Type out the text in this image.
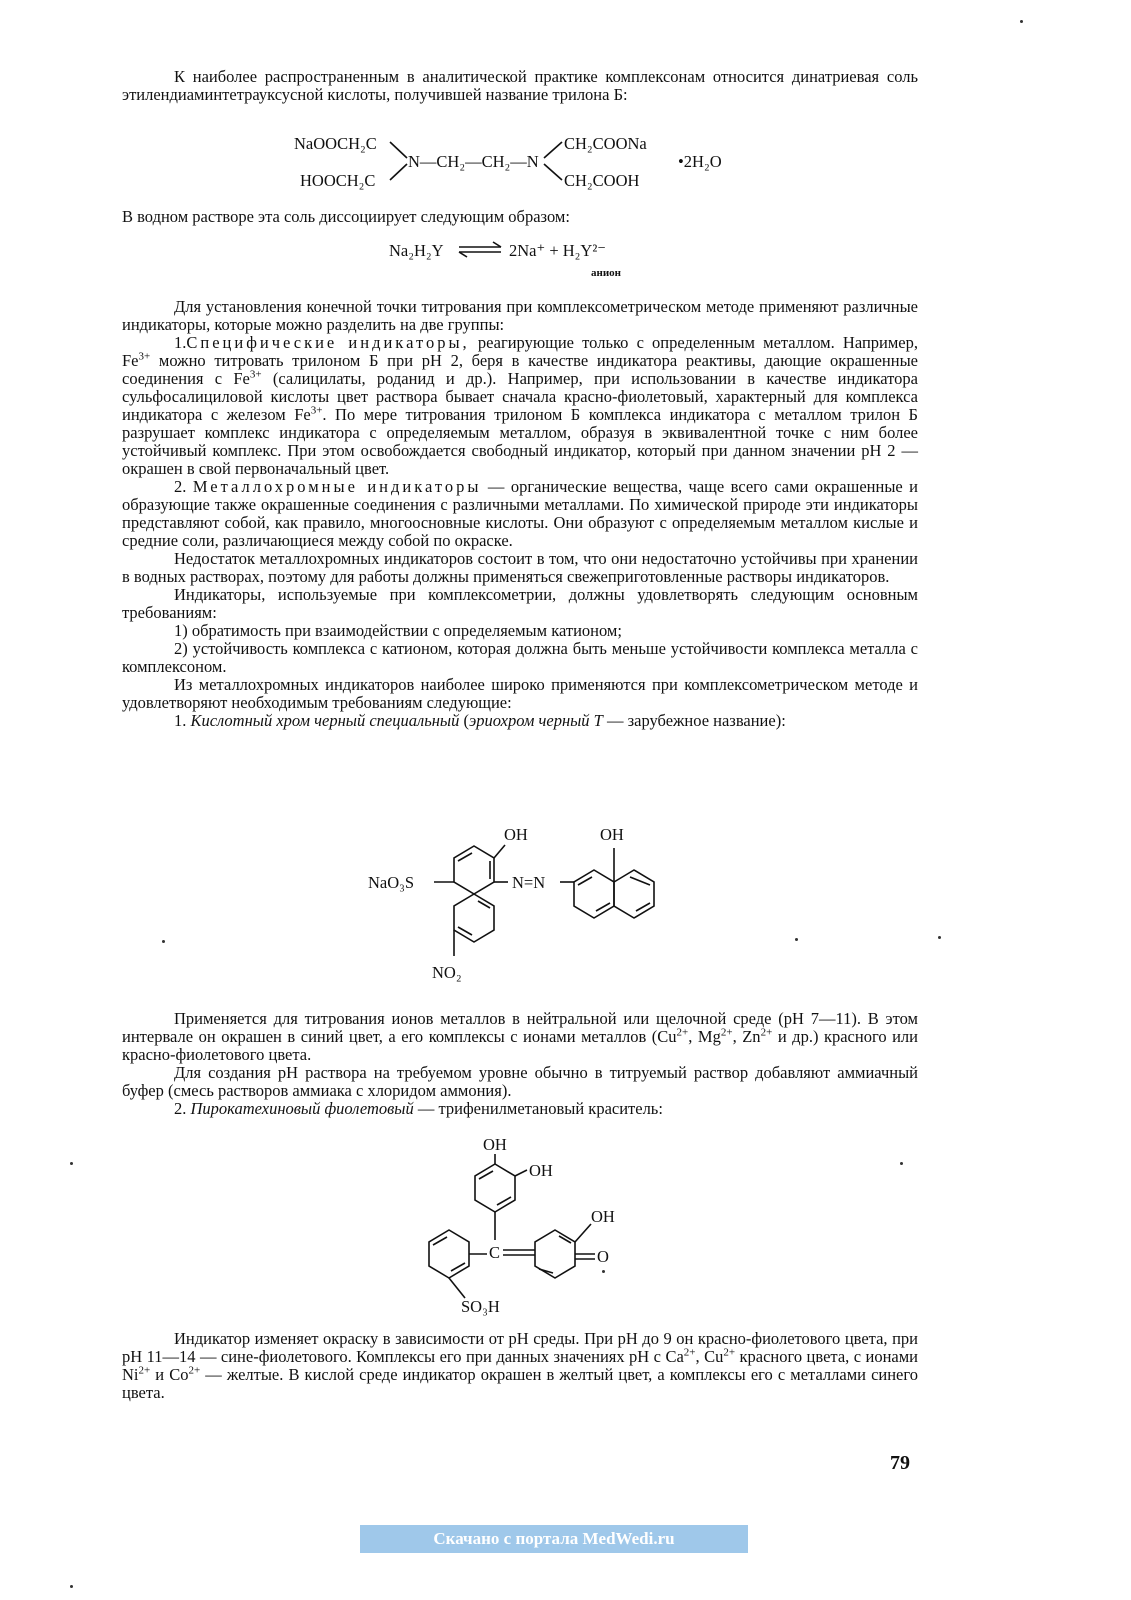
К наиболее распространенным в аналитической практике комплексонам относится динатриевая соль этилендиаминтетрауксусной кислоты, получившей название трилона Б:

NaOOCH₂C
HOOCH₂C
N—CH₂—CH₂—N
CH₂COONa
CH₂COOH
•2H₂O

В водном растворе эта соль диссоциирует следующим образом:

Na₂H₂Y	2Na⁺ + H₂Y²⁻
анион

Для установления конечной точки титрования при комплексометрическом методе применяют различные индикаторы, которые можно разделить на две группы:

1.Специфические индикаторы, реагирующие только с определенным металлом. Например, $Fe^{3+}$ можно титровать трилоном Б при pH 2, беря в качестве индикатора реактивы, дающие окрашенные соединения с $Fe^{3+}$ (салицилаты, роданид и др.). Например, при использовании в качестве индикатора сульфосалициловой кислоты цвет раствора бывает сначала красно-фиолетовый, характерный для комплекса индикатора с железом $Fe^{3+}$. По мере титрования трилоном Б комплекса индикатора с металлом трилон Б разрушает комплекс индикатора с определяемым металлом, образуя в эквивалентной точке с ним более устойчивый комплекс. При этом освобождается свободный индикатор, который при данном значении pH 2 — окрашен в свой первоначальный цвет.

2. Металлохромные индикаторы — органические вещества, чаще всего сами окрашенные и образующие также окрашенные соединения с различными металлами. По химической природе эти индикаторы представляют собой, как правило, многоосновные кислоты. Они образуют с определяемым металлом кислые и средние соли, различающиеся между собой по окраске.

Недостаток металлохромных индикаторов состоит в том, что они недостаточно устойчивы при хранении в водных растворах, поэтому для работы должны применяться свежеприготовленные растворы индикаторов.

Индикаторы, используемые при комплексометрии, должны удовлетворять следующим основным требованиям:

1) обратимость при взаимодействии с определяемым катионом;

2) устойчивость комплекса с катионом, которая должна быть меньше устойчивости комплекса металла с комплексоном.

Из металлохромных индикаторов наиболее широко применяются при комплексометрическом методе и удовлетворяют необходимым требованиям следующие:

1. Кислотный хром черный специальный (эриохром черный Т — зарубежное название):

OH
NaO₃S	N=N
NO₂
OH

Применяется для титрования ионов металлов в нейтральной или щелочной среде (pH 7—11). В этом интервале он окрашен в синий цвет, а его комплексы с ионами металлов ($Cu^{2+}$, $Mg^{2+}$, $Zn^{2+}$ и др.) красного или красно-фиолетового цвета.

Для создания pH раствора на требуемом уровне обычно в титруемый раствор добавляют аммиачный буфер (смесь растворов аммиака с хлоридом аммония).

2. Пирокатехиновый фиолетовый — трифенилметановый краситель:

OH
OH
C
SO₃H
OH
O

Индикатор изменяет окраску в зависимости от pH среды. При pH до 9 он красно-фиолетового цвета, при pH 11—14 — сине-фиолетового. Комплексы его при данных значениях pH с $Ca^{2+}$, $Cu^{2+}$ красного цвета, с ионами $Ni^{2+}$ и $Co^{2+}$ — желтые. В кислой среде индикатор окрашен в желтый цвет, а комплексы его с металлами синего цвета.

79
Скачано с портала MedWedi.ru
